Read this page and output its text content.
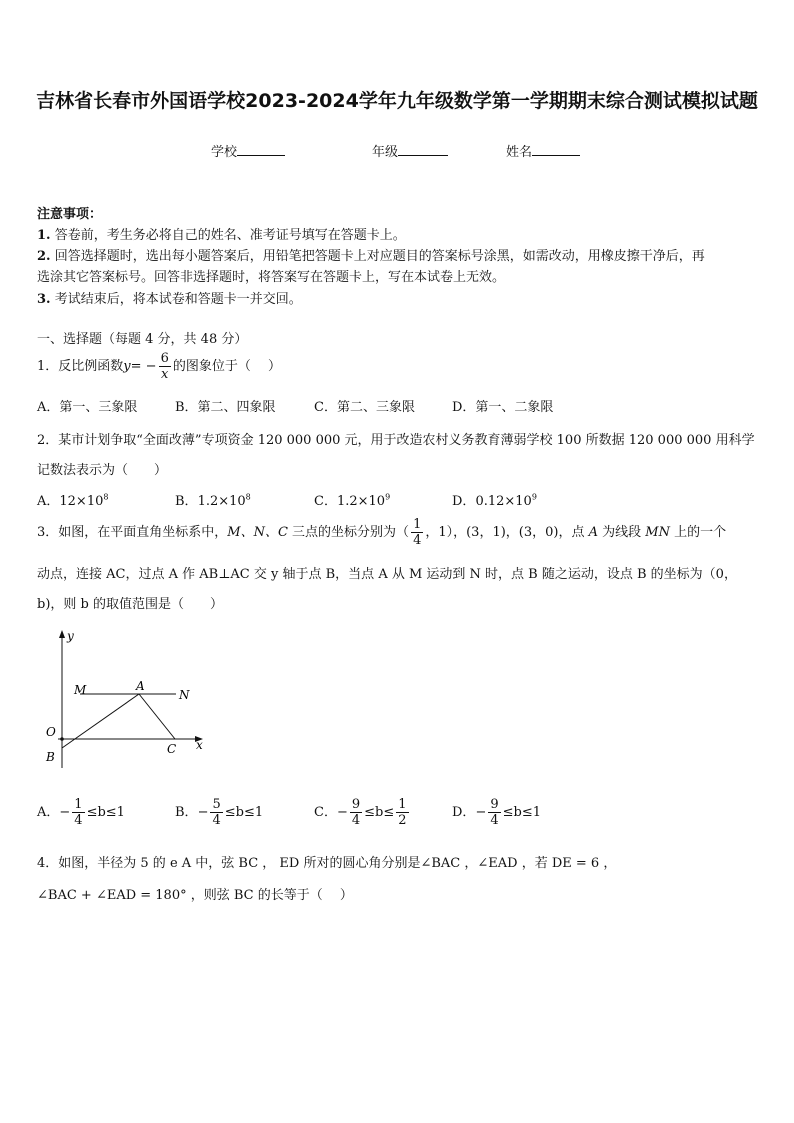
吉林省长春市外国语学校2023-2024学年九年级数学第一学期期末综合测试模拟试题
学校	年级	姓名
注意事项：
1. 答卷前，考生务必将自己的姓名、准考证号填写在答题卡上。
2. 回答选择题时，选出每小题答案后，用铅笔把答题卡上对应题目的答案标号涂黑，如需改动，用橡皮擦干净后，再
选涂其它答案标号。回答非选择题时，将答案写在答题卡上，写在本试卷上无效。
3. 考试结束后，将本试卷和答题卡一并交回。
一、选择题（每题 4 分，共 48 分）
1．反比例函数$y= - \frac{6}{x}$ 的图象位于（　 ）
A．第一、三象限	B．第二、四象限	C．第二、三象限	D．第一、二象限
2．某市计划争取“全面改薄”专项资金 120 000 000 元，用于改造农村义务教育薄弱学校 100 所数据 120 000 000 用科学
记数法表示为（　　）
A．$12\times 10^8$	B．$1.2\times 10^8$	C．$1.2\times 10^9$	D．$0.12\times 10^9$
3．如图，在平面直角坐标系中，M、N、C 三点的坐标分别为（ $\frac{1}{4}$ ，1），(3，1)，(3，0)，点 A 为线段 MN 上的一个
动点，连接 AC，过点 A 作 AB⊥AC 交 y 轴于点 B，当点 A 从 M 运动到 N 时，点 B 随之运动，设点 B 的坐标为（0，
b)，则 b 的取值范围是（　　）
y
x
M	A
N
O
C
B
A．− $\frac{1}{4} \le b\le 1$	B．− $\frac{5}{4} \le b\le 1$	C．− $\frac{9}{4} \le b\le \frac{1}{2}$	D．− $\frac{9}{4} \le b\le 1$
4．如图，半径为 5 的 e A 中，弦 BC ， ED 所对的圆心角分别是∠BAC ，∠EAD ，若 DE = 6 ，
∠BAC + ∠EAD = 180° ，则弦 BC 的长等于（　 ）
